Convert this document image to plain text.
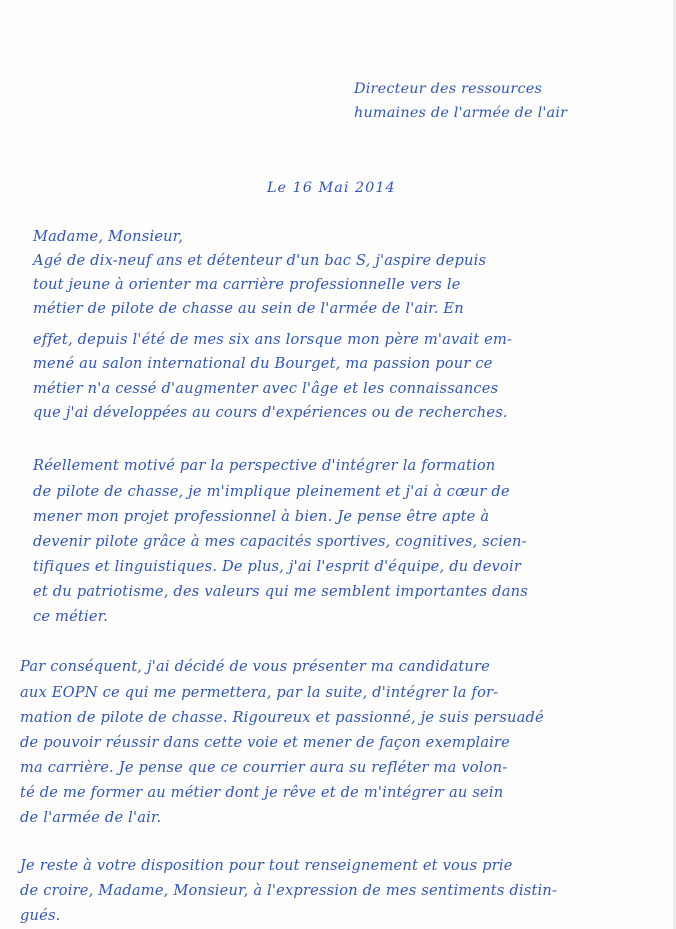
Directeur des ressources
humaines de l'armée de l'air
Le 16 Mai 2014
Madame, Monsieur,
Agé de dix-neuf ans et détenteur d'un bac S, j'aspire depuis
tout jeune à orienter ma carrière professionnelle vers le
métier de pilote de chasse au sein de l'armée de l'air. En
effet, depuis l'été de mes six ans lorsque mon père m'avait em-
mené au salon international du Bourget, ma passion pour ce
métier n'a cessé d'augmenter avec l'âge et les connaissances
que j'ai développées au cours d'expériences ou de recherches.
Réellement motivé par la perspective d'intégrer la formation
de pilote de chasse, je m'implique pleinement et j'ai à cœur de
mener mon projet professionnel à bien. Je pense être apte à
devenir pilote grâce à mes capacités sportives, cognitives, scien-
tifiques et linguistiques. De plus, j'ai l'esprit d'équipe, du devoir
et du patriotisme, des valeurs qui me semblent importantes dans
ce métier.
Par conséquent, j'ai décidé de vous présenter ma candidature
aux EOPN ce qui me permettera, par la suite, d'intégrer la for-
mation de pilote de chasse. Rigoureux et passionné, je suis persuadé
de pouvoir réussir dans cette voie et mener de façon exemplaire
ma carrière. Je pense que ce courrier aura su refléter ma volon-
té de me former au métier dont je rêve et de m'intégrer au sein
de l'armée de l'air.
Je reste à votre disposition pour tout renseignement et vous prie
de croire, Madame, Monsieur, à l'expression de mes sentiments distin-
gués.
